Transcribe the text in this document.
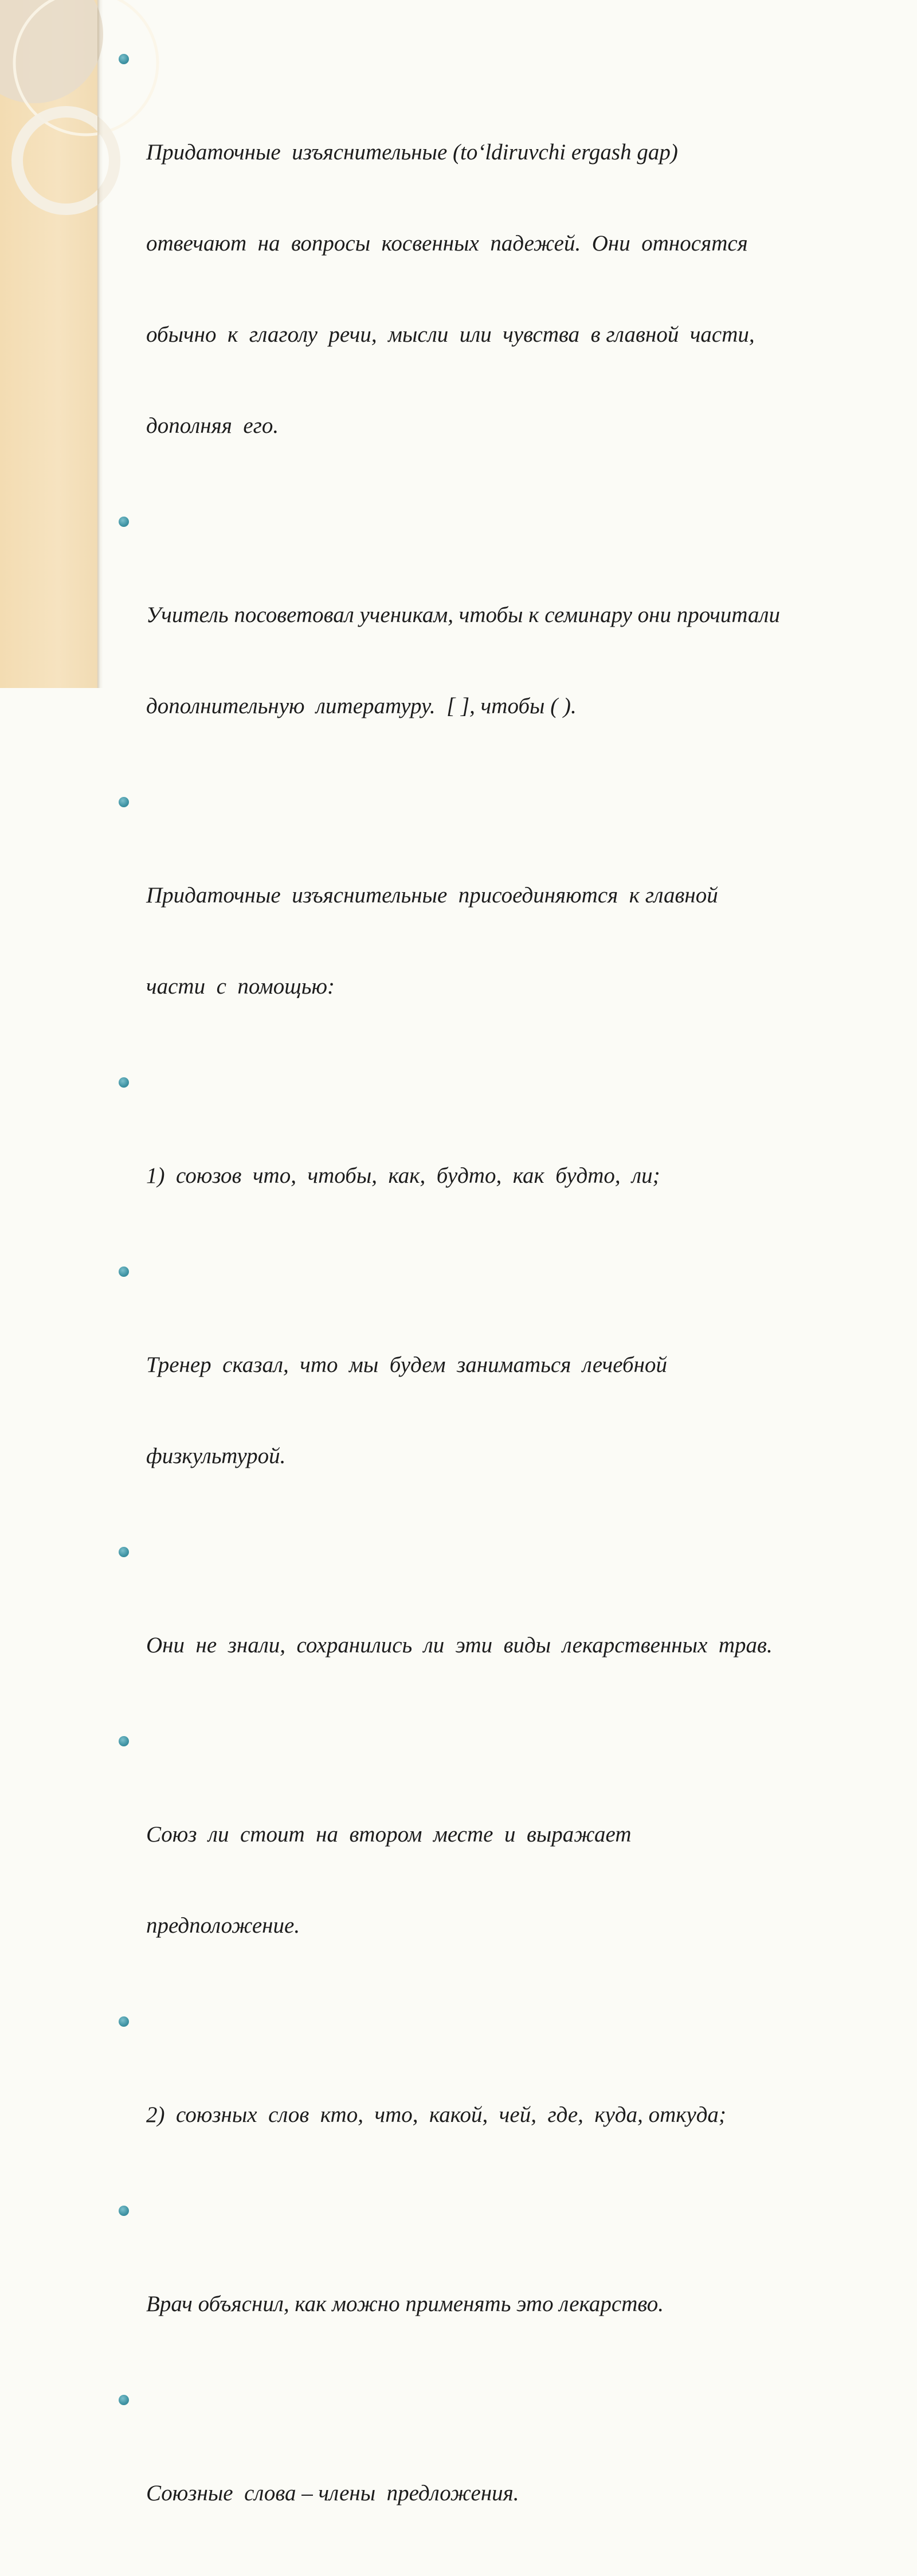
Придаточные  изъяснительные (to‘ldiruvchi ergash gap)

отвечают  на  вопросы  косвенных  падежей.  Они  относятся

обычно  к  глаголу  речи,  мысли  или  чувства  в главной  части,

дополняя  его.

Учитель посоветовал ученикам, чтобы к семинару они прочитали

дополнительную  литературу.  [ ], чтобы ( ).

Придаточные  изъяснительные  присоединяются  к главной

части  с  помощью:

1)  союзов  что,  чтобы,  как,  будто,  как  будто,  ли;

Тренер  сказал,  что  мы  будем  заниматься  лечебной

физкультурой.

Они  не  знали,  сохранились  ли  эти  виды  лекарственных  трав.

Союз  ли  стоит  на  втором  месте  и  выражает

предположение.

2)  союзных  слов  кто,  что,  какой,  чей,  где,  куда, откуда;

Врач объяснил, как можно применять это лекарство.

Союзные  слова – члены  предложения.
